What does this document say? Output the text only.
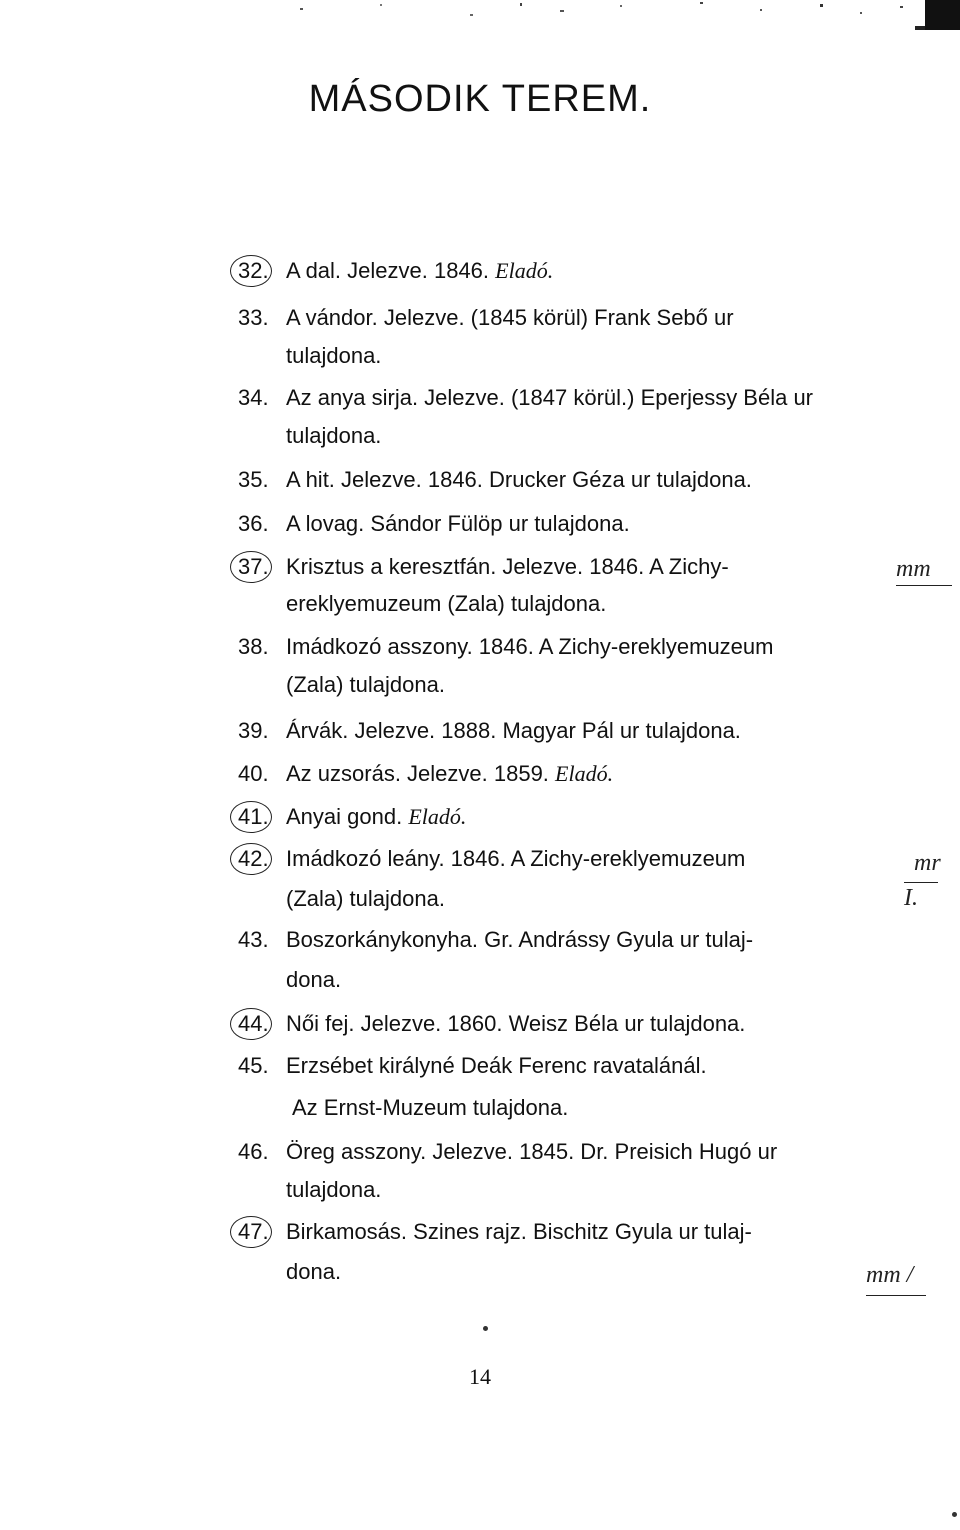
MÁSODIK TEREM.
32. A dal. Jelezve. 1846. Eladó.
33. A vándor. Jelezve. (1845 körül) Frank Sebő ur
tulajdona.
34. Az anya sirja. Jelezve. (1847 körül.) Eperjessy Béla ur
tulajdona.
35. A hit. Jelezve. 1846. Drucker Géza ur tulajdona.
36. A lovag. Sándor Fülöp ur tulajdona.
37. Krisztus a keresztfán. Jelezve. 1846. A Zichy-
ereklyemuzeum (Zala) tulajdona.
38. Imádkozó asszony. 1846. A Zichy-ereklyemuzeum
(Zala) tulajdona.
39. Árvák. Jelezve. 1888. Magyar Pál ur tulajdona.
40. Az uzsorás. Jelezve. 1859. Eladó.
41. Anyai gond. Eladó.
42. Imádkozó leány. 1846. A Zichy-ereklyemuzeum
(Zala) tulajdona.
43. Boszorkánykonyha. Gr. Andrássy Gyula ur tulaj-
dona.
44. Női fej. Jelezve. 1860. Weisz Béla ur tulajdona.
45. Erzsébet királyné Deák Ferenc ravatalánál.
Az Ernst-Muzeum tulajdona.
46. Öreg asszony. Jelezve. 1845. Dr. Preisich Hugó ur
tulajdona.
47. Birkamosás. Szines rajz. Bischitz Gyula ur tulaj-
dona.
mm
mr
I.
mm /
14
